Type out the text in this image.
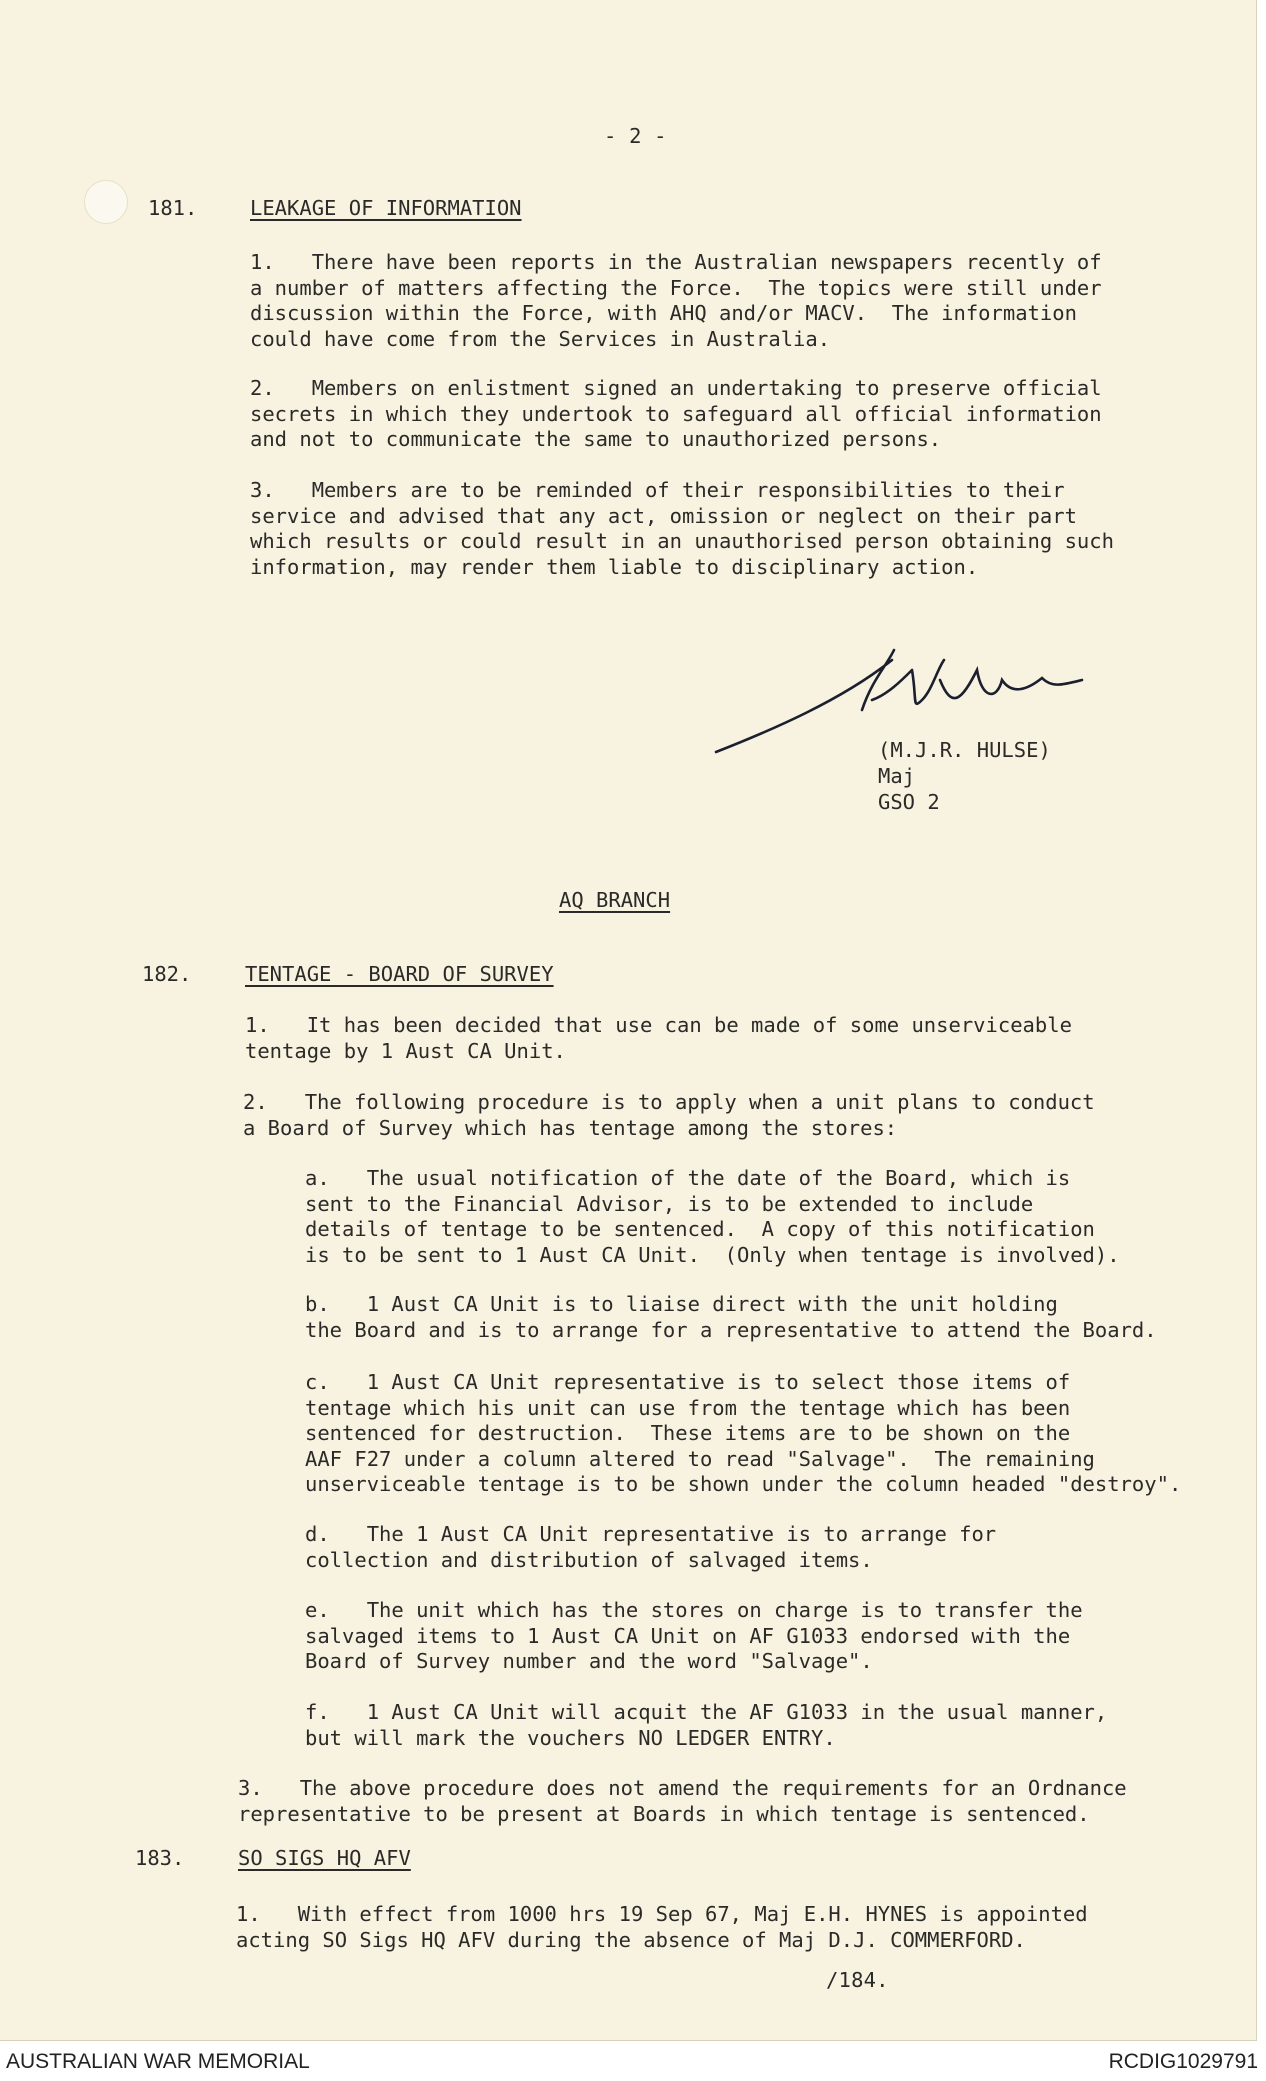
- 2 -
181.	LEAKAGE OF INFORMATION
1.   There have been reports in the Australian newspapers recently of
a number of matters affecting the Force.  The topics were still under
discussion within the Force, with AHQ and/or MACV.  The information
could have come from the Services in Australia.
2.   Members on enlistment signed an undertaking to preserve official
secrets in which they undertook to safeguard all official information
and not to communicate the same to unauthorized persons.
3.   Members are to be reminded of their responsibilities to their
service and advised that any act, omission or neglect on their part
which results or could result in an unauthorised person obtaining such
information, may render them liable to disciplinary action.
(M.J.R. HULSE)
Maj
GSO 2
AQ BRANCH
182.	TENTAGE - BOARD OF SURVEY
1.   It has been decided that use can be made of some unserviceable
tentage by 1 Aust CA Unit.
2.   The following procedure is to apply when a unit plans to conduct
a Board of Survey which has tentage among the stores:
a.   The usual notification of the date of the Board, which is
sent to the Financial Advisor, is to be extended to include
details of tentage to be sentenced.  A copy of this notification
is to be sent to 1 Aust CA Unit.  (Only when tentage is involved).
b.   1 Aust CA Unit is to liaise direct with the unit holding
the Board and is to arrange for a representative to attend the Board.
c.   1 Aust CA Unit representative is to select those items of
tentage which his unit can use from the tentage which has been
sentenced for destruction.  These items are to be shown on the
AAF F27 under a column altered to read "Salvage".  The remaining
unserviceable tentage is to be shown under the column headed "destroy".
d.   The 1 Aust CA Unit representative is to arrange for
collection and distribution of salvaged items.
e.   The unit which has the stores on charge is to transfer the
salvaged items to 1 Aust CA Unit on AF G1033 endorsed with the
Board of Survey number and the word "Salvage".
f.   1 Aust CA Unit will acquit the AF G1033 in the usual manner,
but will mark the vouchers NO LEDGER ENTRY.
3.   The above procedure does not amend the requirements for an Ordnance
representative to be present at Boards in which tentage is sentenced.
183.	SO SIGS HQ AFV
1.   With effect from 1000 hrs 19 Sep 67, Maj E.H. HYNES is appointed
acting SO Sigs HQ AFV during the absence of Maj D.J. COMMERFORD.
/184.
AUSTRALIAN WAR MEMORIAL	RCDIG1029791
